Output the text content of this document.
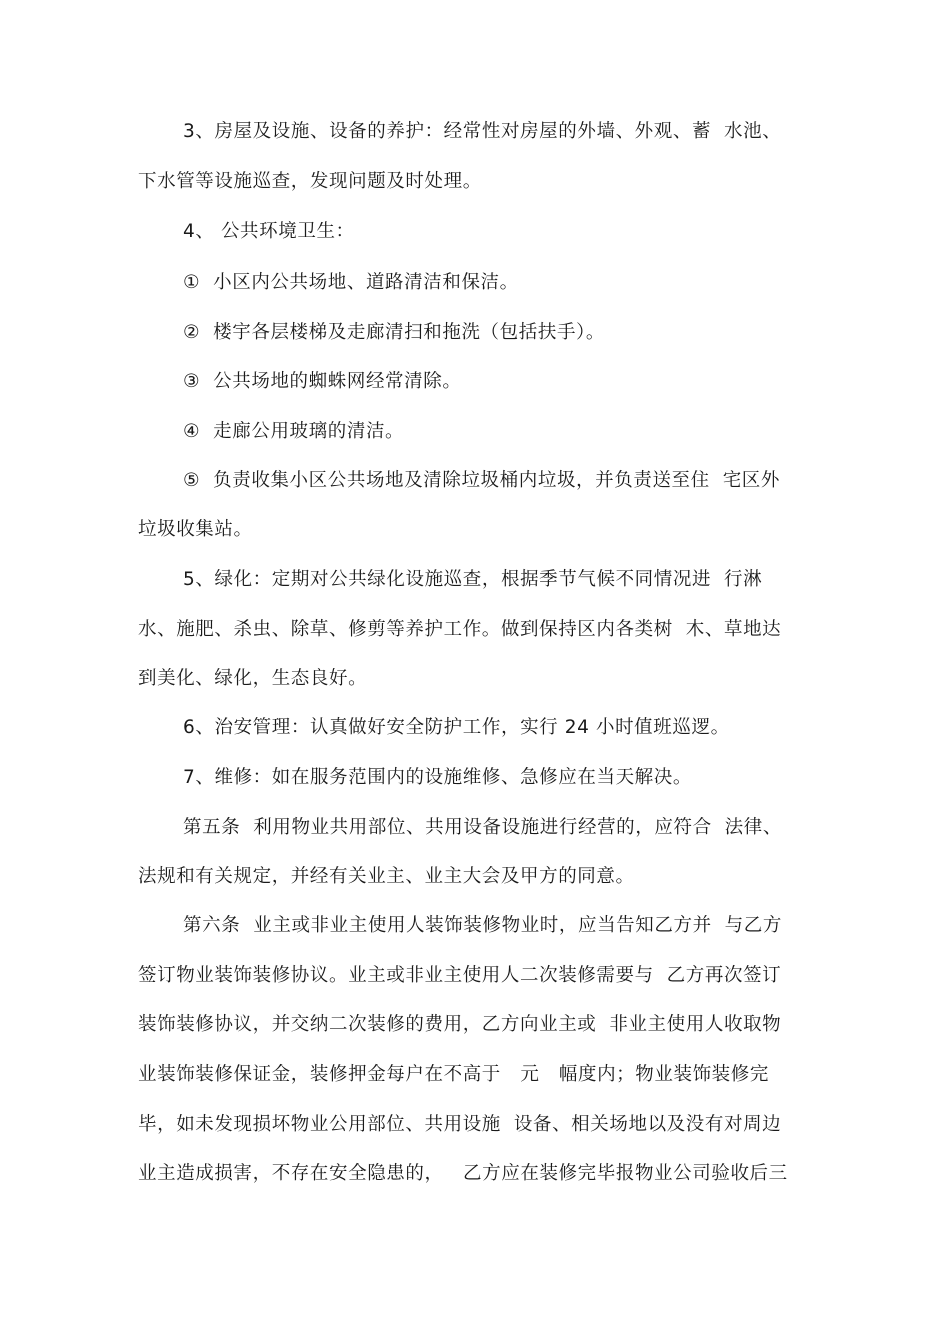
3、房屋及设施、设备的养护：经常性对房屋的外墙、外观、蓄  水池、
下水管等设施巡查，发现问题及时处理。
4、 公共环境卫生：
①  小区内公共场地、道路清洁和保洁。
②  楼宇各层楼梯及走廊清扫和拖洗（包括扶手）。
③  公共场地的蜘蛛网经常清除。
④  走廊公用玻璃的清洁。
⑤  负责收集小区公共场地及清除垃圾桶内垃圾，并负责送至住  宅区外
垃圾收集站。
5、绿化：定期对公共绿化设施巡查，根据季节气候不同情况进  行淋
水、施肥、杀虫、除草、修剪等养护工作。做到保持区内各类树  木、草地达
到美化、绿化，生态良好。
6、治安管理：认真做好安全防护工作，实行 24 小时值班巡逻。
7、维修：如在服务范围内的设施维修、急修应在当天解决。
第五条  利用物业共用部位、共用设备设施进行经营的，应符合  法律、
法规和有关规定，并经有关业主、业主大会及甲方的同意。
第六条  业主或非业主使用人装饰装修物业时，应当告知乙方并  与乙方
签订物业装饰装修协议。业主或非业主使用人二次装修需要与  乙方再次签订
装饰装修协议，并交纳二次装修的费用，乙方向业主或  非业主使用人收取物
业装饰装修保证金，装修押金每户在不高于   元   幅度内；物业装饰装修完
毕，如未发现损坏物业公用部位、共用设施  设备、相关场地以及没有对周边
业主造成损害，不存在安全隐患的，   乙方应在装修完毕报物业公司验收后三
